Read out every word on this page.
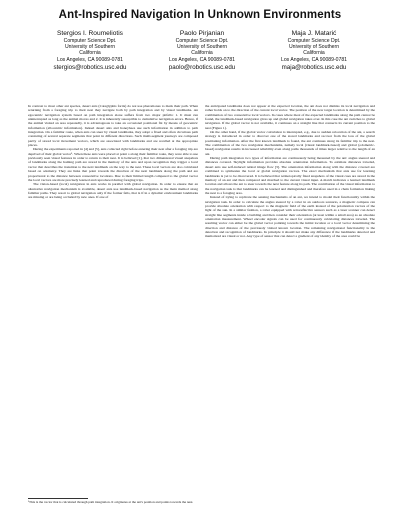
Ant-Inspired Navigation In Unknown Environments
Stergios I. Roumeliotis
Computer Science Dpt.
University of Southern
California
Los Angeles, CA 90089-0781
stergios@robotics.usc.edu
Paolo Pirjanian
Computer Science Dpt.
University of Southern
California
Los Angeles, CA 90089-0781
paolo@robotics.usc.edu
Maja J. Matarić
Computer Science Dpt.
University of Southern
California
Los Angeles, CA 90089-0781
maja@robotics.usc.edu

In contrast to most other ant species, desert ants (Cataglyphis fortis) do not use pheromones to mark their path. When returning from a foraging trip to their nest they navigate both by path integration and by visual landmarks. An egocentric navigation system based on path integration alone suffers from two major pitfalls: 1. It must run uninterrupted as long as the animal moves and 2. It is inherently susceptible to cumulative navigation errors. Hence, if the animal visited an area repeatedly, it is advantageous to take an occasional positional fix by means of geocentric information (allocentric information). Indeed desert ants and honeybees use such information in addition to path integration. On a familiar route, when ants can steer by visual landmarks, they adopt a fixed and often circuitous path consisting of several separate segments that point in different directions. Such multi-segment journeys are composed partly of stored local movement vectors, which are associated with landmarks and are recalled at the appropriate places.

During the experiments reported in [4] and [5], ants collected right before entering their nest after a foraging trip are deprived of their global vector¹. When these ants were placed at point s along their familiar route, they were able to use previously seen visual features in order to return to their nest. It is believed [1], that two dimensional visual snapshots of landmarks along the homing path are stored in the memory of the ants and upon recognition they trigger a local vector that describes the transition to the next landmark on the way to the nest. These local vectors are also calculated based on odometry. They are links that point towards the direction of the next landmark along the path and are proportional to the distance between consecutive locations. Due to their limited length compared to the global vector the local vectors are more precisely learned and reproduced during foraging trips.

The vision-based (local) navigation in ants works in parallel with global navigation. In order to ensure that an alternative navigation mechanism is available, desert ants use landmark-based navigation as the main method along familiar paths. They resort to global navigation only if the former fails, that is if in a dynamic environment landmarks are missing or are being occluded by new ones. If one of

the anticipated landmarks does not appear at the expected location, the ant does not dismiss its local navigation and rather holds on to the direction of the current local vector. The position of the new target location is determined by the combination of two consecutive local vectors. In cases where most of the expected landmarks along the path cannot be found, the landmark-based navigation gives up and global navigation takes over. In this case the ant switches to global navigation. If the global vector is not available, it continues on a straight line that connects its current position to the nest (Figure 1).

On the other hand, if the global vector calculation is interrupted, e.g., due to sudden relocation of the ant, a search strategy is introduced in order to discover one of the stored landmarks and recover from the loss of the global positioning information. After the first known landmark is found, the ant continues along its familiar trip to the nest. The combination of the two navigation mechanisms, namely local (visual landmark-based) and global (odometric-based) navigation results in increased reliability even along paths thousands of times larger relative to the length of an ant.

During path integration two types of information are continuously being measured by the ant: angles steered and distances covered. Skylight information provides absolute orientation information. To estimate distances traveled, desert ants use self-induced retinal image flow [3]. The orientation information along with the distance covered are combined to synthesize the local or global navigation vectors. The exact mechanism that ants use for learning landmarks is yet to be discovered. It is believed that retinotopically fixed snapshots of the visual cues are stored in the memory of an ant and then compared and matched to the current visual input. A match indicates a learned landmark location and allows the ant to steer towards the next feature along its path. The contribution of the visual information to the navigation task is that landmarks can be learned and distinguished and therefore used in a chain formation linking the nest to a foraging area.

Instead of trying to replicate the sensing mechanisms of an ant, we intend to model their functionality within the navigation task. In order to calculate the angles steered by a robot in an outdoors scenario, a magnetic compass can provide absolute orientation with respect to the magnetic field of the earth instead of the polarization vectors of the light of the sun. In a similar fashion, a robot equipped with retroreflective sensors such as a laser scanner can detect straight line segments inside a building and then consider their orientation (at least within a small area) as an absolute orientation measurement. Wheel encoder signals can be used for continuously calculating distances traveled. The resulting vector can either be the global vector pointing towards the initial location or a local vector determining the direction and distance of the previously visited known location. The remaining navigational functionality is the detection and recognition of landmarks. In principle it should not make any difference if the landmarks detected and memorized are visual or not. Any type of sensor that can detect a gradient of any identity of the area could be

¹This is the vector that is calculated through path integration. It originates at the ant's position and points towards the nest.
